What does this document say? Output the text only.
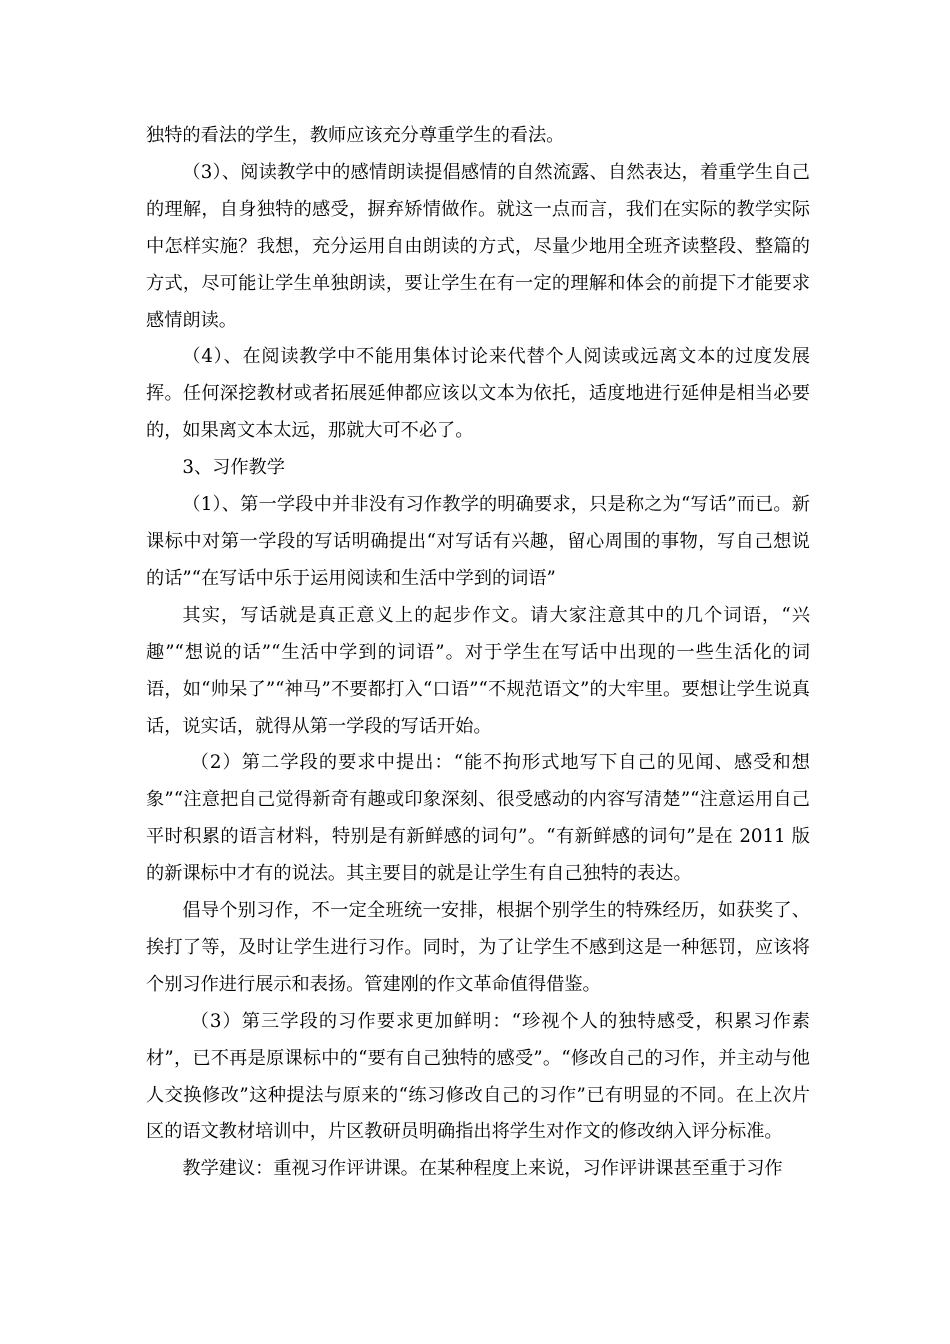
独特的看法的学生，教师应该充分尊重学生的看法。

（3）、阅读教学中的感情朗读提倡感情的自然流露、自然表达，着重学生自己的理解，自身独特的感受，摒弃矫情做作。就这一点而言，我们在实际的教学实际中怎样实施？我想，充分运用自由朗读的方式，尽量少地用全班齐读整段、整篇的方式，尽可能让学生单独朗读，要让学生在有一定的理解和体会的前提下才能要求感情朗读。

（4）、在阅读教学中不能用集体讨论来代替个人阅读或远离文本的过度发展挥。任何深挖教材或者拓展延伸都应该以文本为依托，适度地进行延伸是相当必要的，如果离文本太远，那就大可不必了。

3、习作教学

（1）、第一学段中并非没有习作教学的明确要求，只是称之为“写话”而已。新课标中对第一学段的写话明确提出“对写话有兴趣，留心周围的事物，写自己想说的话”“在写话中乐于运用阅读和生活中学到的词语”

其实，写话就是真正意义上的起步作文。请大家注意其中的几个词语，“兴趣”“想说的话”“生活中学到的词语”。对于学生在写话中出现的一些生活化的词语，如“帅呆了”“神马”不要都打入“口语”“不规范语文”的大牢里。要想让学生说真话，说实话，就得从第一学段的写话开始。

（2）第二学段的要求中提出：“能不拘形式地写下自己的见闻、感受和想象”“注意把自己觉得新奇有趣或印象深刻、很受感动的内容写清楚”“注意运用自己平时积累的语言材料，特别是有新鲜感的词句”。“有新鲜感的词句”是在 2011 版的新课标中才有的说法。其主要目的就是让学生有自己独特的表达。

倡导个别习作，不一定全班统一安排，根据个别学生的特殊经历，如获奖了、挨打了等，及时让学生进行习作。同时，为了让学生不感到这是一种惩罚，应该将个别习作进行展示和表扬。管建刚的作文革命值得借鉴。

（3）第三学段的习作要求更加鲜明：“珍视个人的独特感受，积累习作素材”，已不再是原课标中的“要有自己独特的感受”。“修改自己的习作，并主动与他人交换修改”这种提法与原来的“练习修改自己的习作”已有明显的不同。在上次片区的语文教材培训中，片区教研员明确指出将学生对作文的修改纳入评分标准。

教学建议：重视习作评讲课。在某种程度上来说，习作评讲课甚至重于习作
